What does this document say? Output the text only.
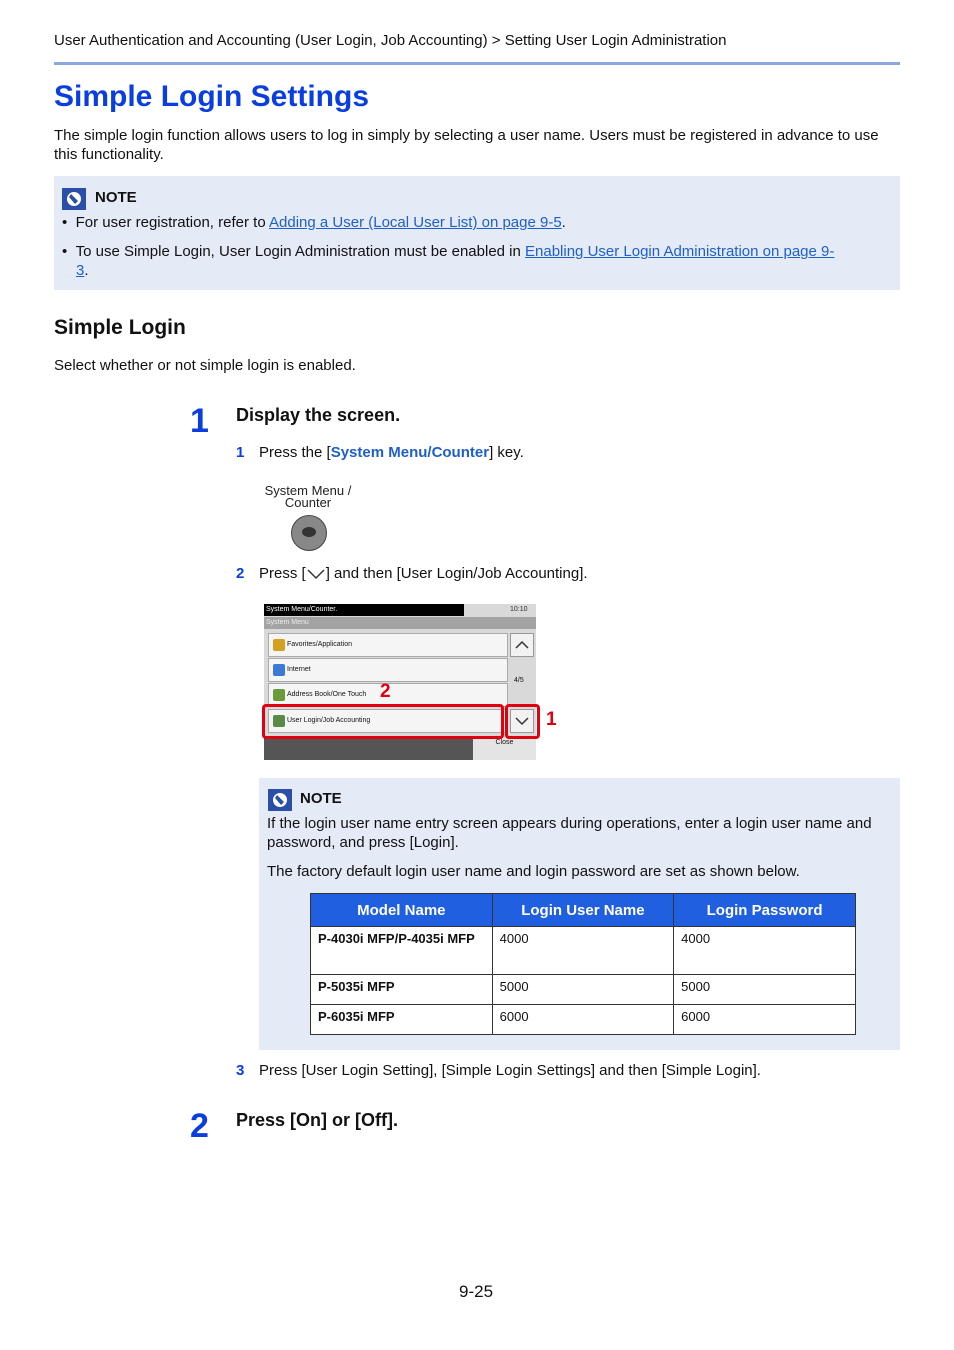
User Authentication and Accounting (User Login, Job Accounting) > Setting User Login Administration
Simple Login Settings
The simple login function allows users to log in simply by selecting a user name. Users must be registered in advance to use this functionality.
NOTE
•  For user registration, refer to Adding a User (Local User List) on page 9-5.
•  To use Simple Login, User Login Administration must be enabled in Enabling User Login Administration on page 9-
3.
Simple Login
Select whether or not simple login is enabled.
1 Display the screen.
1 Press the [System Menu/Counter] key.
System Menu /
Counter
2 Press [ ] and then [User Login/Job Accounting].
System Menu/Counter.	10:10
System Menu
Favorites/Application
Internet
Address Book/One Touch
User Login/Job Accounting
4/5
Close
2
1
NOTE
If the login user name entry screen appears during operations, enter a login user name and password, and press [Login].
The factory default login user name and login password are set as shown below.
Model Name	Login User Name	Login Password
P-4030i MFP/P-4035i MFP	4000	4000
P-5035i MFP	5000	5000
P-6035i MFP	6000	6000
3 Press [User Login Setting], [Simple Login Settings] and then [Simple Login].
2 Press [On] or [Off].
9-25
